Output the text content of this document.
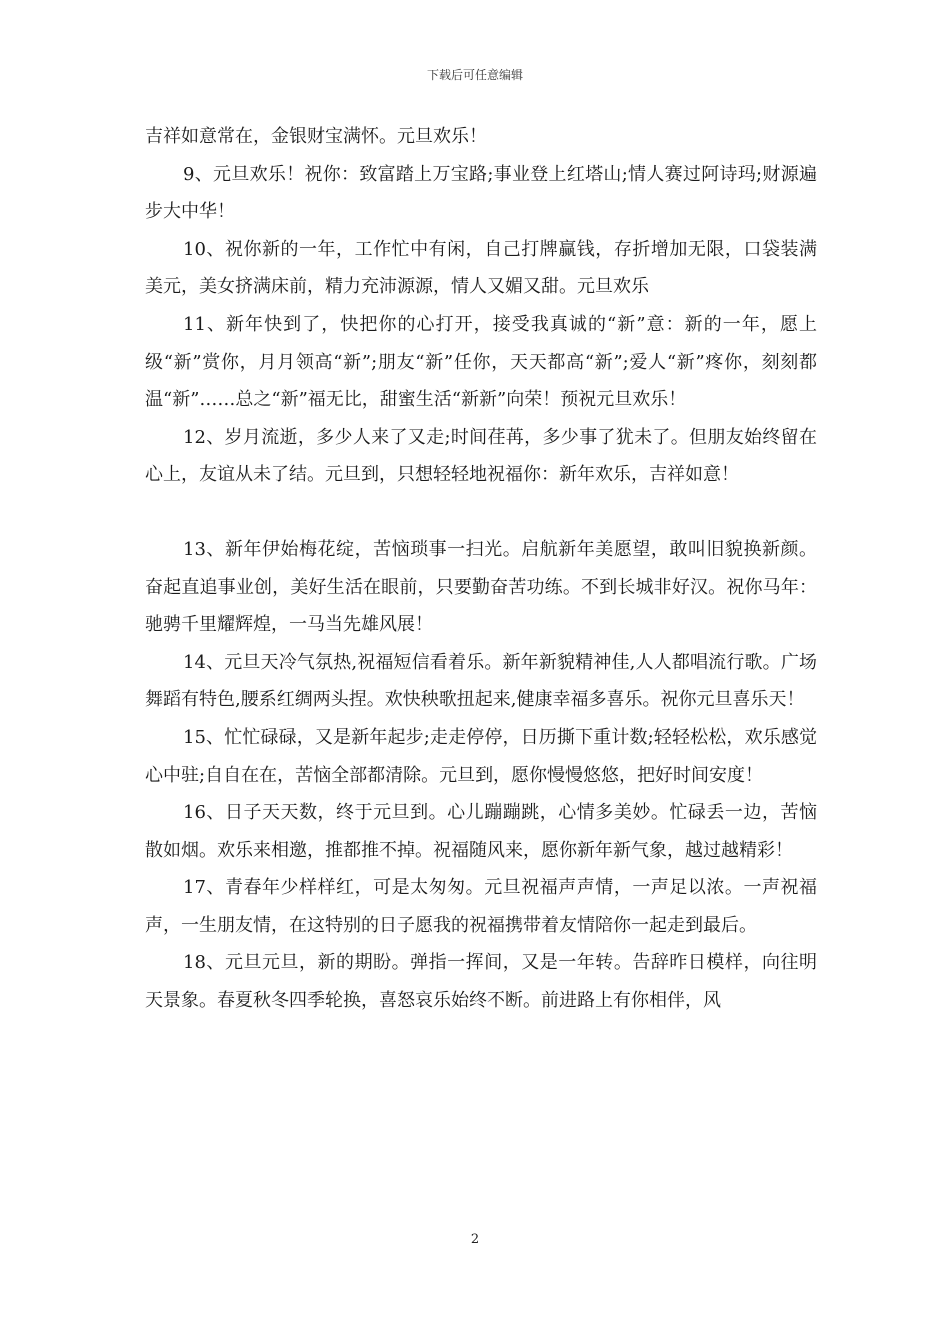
下载后可任意编辑

吉祥如意常在，金银财宝满怀。元旦欢乐！

9、元旦欢乐！祝你：致富踏上万宝路;事业登上红塔山;情人赛过阿诗玛;财源遍步大中华！

10、祝你新的一年，工作忙中有闲，自己打牌赢钱，存折增加无限，口袋装满美元，美女挤满床前，精力充沛源源，情人又媚又甜。元旦欢乐

11、新年快到了，快把你的心打开，接受我真诚的“新”意：新的一年，愿上级“新”赏你，月月领高“新”;朋友“新”任你，天天都高“新”;爱人“新”疼你，刻刻都温“新”……总之“新”福无比，甜蜜生活“新新”向荣！预祝元旦欢乐！

12、岁月流逝，多少人来了又走;时间荏苒，多少事了犹未了。但朋友始终留在心上，友谊从未了结。元旦到，只想轻轻地祝福你：新年欢乐，吉祥如意！

13、新年伊始梅花绽，苦恼琐事一扫光。启航新年美愿望，敢叫旧貌换新颜。奋起直追事业创，美好生活在眼前，只要勤奋苦功练。不到长城非好汉。祝你马年：驰骋千里耀辉煌，一马当先雄风展！

14、元旦天冷气氛热,祝福短信看着乐。新年新貌精神佳,人人都唱流行歌。广场舞蹈有特色,腰系红绸两头捏。欢快秧歌扭起来,健康幸福多喜乐。祝你元旦喜乐天！

15、忙忙碌碌，又是新年起步;走走停停，日历撕下重计数;轻轻松松，欢乐感觉心中驻;自自在在，苦恼全部都清除。元旦到，愿你慢慢悠悠，把好时间安度！

16、日子天天数，终于元旦到。心儿蹦蹦跳，心情多美妙。忙碌丢一边，苦恼散如烟。欢乐来相邀，推都推不掉。祝福随风来，愿你新年新气象，越过越精彩！

17、青春年少样样红，可是太匆匆。元旦祝福声声情，一声足以浓。一声祝福声，一生朋友情，在这特别的日子愿我的祝福携带着友情陪你一起走到最后。

18、元旦元旦，新的期盼。弹指一挥间，又是一年转。告辞昨日模样，向往明天景象。春夏秋冬四季轮换，喜怒哀乐始终不断。前进路上有你相伴，风

2
